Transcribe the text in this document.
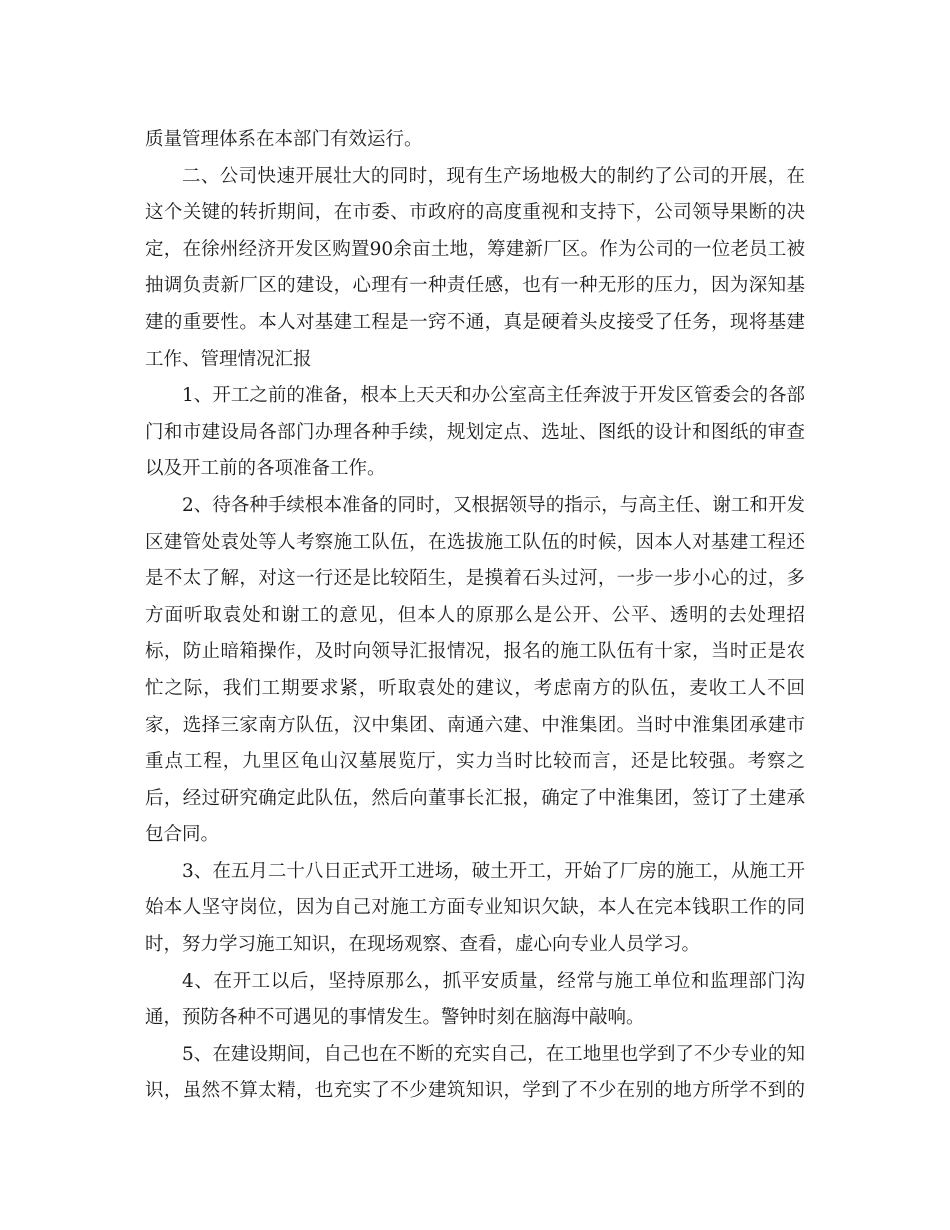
质量管理体系在本部门有效运行。
二、公司快速开展壮大的同时，现有生产场地极大的制约了公司的开展，在
这个关键的转折期间，在市委、市政府的高度重视和支持下，公司领导果断的决
定，在徐州经济开发区购置90余亩土地，筹建新厂区。作为公司的一位老员工被
抽调负责新厂区的建设，心理有一种责任感，也有一种无形的压力，因为深知基
建的重要性。本人对基建工程是一窍不通，真是硬着头皮接受了任务，现将基建
工作、管理情况汇报
1、开工之前的准备，根本上天天和办公室高主任奔波于开发区管委会的各部
门和市建设局各部门办理各种手续，规划定点、选址、图纸的设计和图纸的审查
以及开工前的各项准备工作。
2、待各种手续根本准备的同时，又根据领导的指示，与高主任、谢工和开发
区建管处袁处等人考察施工队伍，在选拔施工队伍的时候，因本人对基建工程还
是不太了解，对这一行还是比较陌生，是摸着石头过河，一步一步小心的过，多
方面听取袁处和谢工的意见，但本人的原那么是公开、公平、透明的去处理招
标，防止暗箱操作，及时向领导汇报情况，报名的施工队伍有十家，当时正是农
忙之际，我们工期要求紧，听取袁处的建议，考虑南方的队伍，麦收工人不回
家，选择三家南方队伍，汉中集团、南通六建、中淮集团。当时中淮集团承建市
重点工程，九里区龟山汉墓展览厅，实力当时比较而言，还是比较强。考察之
后，经过研究确定此队伍，然后向董事长汇报，确定了中淮集团，签订了土建承
包合同。
3、在五月二十八日正式开工进场，破土开工，开始了厂房的施工，从施工开
始本人坚守岗位，因为自己对施工方面专业知识欠缺，本人在完本钱职工作的同
时，努力学习施工知识，在现场观察、查看，虚心向专业人员学习。
4、在开工以后，坚持原那么，抓平安质量，经常与施工单位和监理部门沟
通，预防各种不可遇见的事情发生。警钟时刻在脑海中敲响。
5、在建设期间，自己也在不断的充实自己，在工地里也学到了不少专业的知
识，虽然不算太精，也充实了不少建筑知识，学到了不少在别的地方所学不到的
